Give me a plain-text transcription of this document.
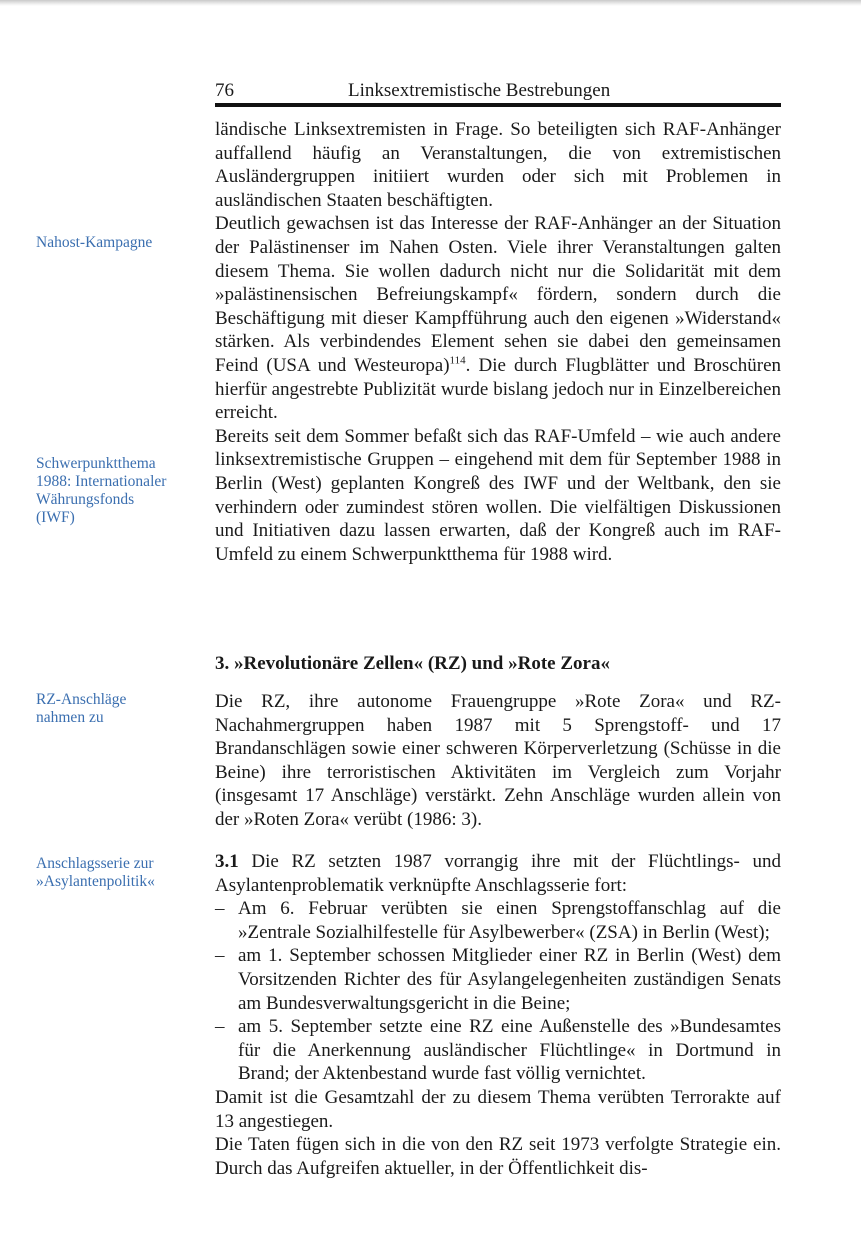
76	Linksextremistische Bestrebungen

Nahost-Kampagne

Schwerpunktthema
1988: Internationaler
Währungsfonds
(IWF)

RZ-Anschläge
nahmen zu

Anschlagsserie zur
»Asylantenpolitik«

ländische Linksextremisten in Frage. So beteiligten sich RAF-Anhänger auffallend häufig an Veranstaltungen, die von extremistischen Ausländergruppen initiiert wurden oder sich mit Problemen in ausländischen Staaten beschäftigten.

Deutlich gewachsen ist das Interesse der RAF-Anhänger an der Situation der Palästinenser im Nahen Osten. Viele ihrer Veranstaltungen galten diesem Thema. Sie wollen dadurch nicht nur die Solidarität mit dem »palästinensischen Befreiungskampf« fördern, sondern durch die Beschäftigung mit dieser Kampfführung auch den eigenen »Widerstand« stärken. Als verbindendes Element sehen sie dabei den gemeinsamen Feind (USA und Westeuropa)$^{114}$. Die durch Flugblätter und Broschüren hierfür angestrebte Publizität wurde bislang jedoch nur in Einzelbereichen erreicht.

Bereits seit dem Sommer befaßt sich das RAF-Umfeld – wie auch andere linksextremistische Gruppen – eingehend mit dem für September 1988 in Berlin (West) geplanten Kongreß des IWF und der Weltbank, den sie verhindern oder zumindest stören wollen. Die vielfältigen Diskussionen und Initiativen dazu lassen erwarten, daß der Kongreß auch im RAF-Umfeld zu einem Schwerpunktthema für 1988 wird.

3. »Revolutionäre Zellen« (RZ) und »Rote Zora«

Die RZ, ihre autonome Frauengruppe »Rote Zora« und RZ-Nachahmergruppen haben 1987 mit 5 Sprengstoff- und 17 Brandanschlägen sowie einer schweren Körperverletzung (Schüsse in die Beine) ihre terroristischen Aktivitäten im Vergleich zum Vorjahr (insgesamt 17 Anschläge) verstärkt. Zehn Anschläge wurden allein von der »Roten Zora« verübt (1986: 3).

3.1 Die RZ setzten 1987 vorrangig ihre mit der Flüchtlings- und Asylantenproblematik verknüpfte Anschlagsserie fort:

– Am 6. Februar verübten sie einen Sprengstoffanschlag auf die »Zentrale Sozialhilfestelle für Asylbewerber« (ZSA) in Berlin (West);
– am 1. September schossen Mitglieder einer RZ in Berlin (West) dem Vorsitzenden Richter des für Asylangelegenheiten zuständigen Senats am Bundesverwaltungsgericht in die Beine;
– am 5. September setzte eine RZ eine Außenstelle des »Bundesamtes für die Anerkennung ausländischer Flüchtlinge« in Dortmund in Brand; der Aktenbestand wurde fast völlig vernichtet.

Damit ist die Gesamtzahl der zu diesem Thema verübten Terrorakte auf 13 angestiegen.

Die Taten fügen sich in die von den RZ seit 1973 verfolgte Strategie ein. Durch das Aufgreifen aktueller, in der Öffentlichkeit dis-
